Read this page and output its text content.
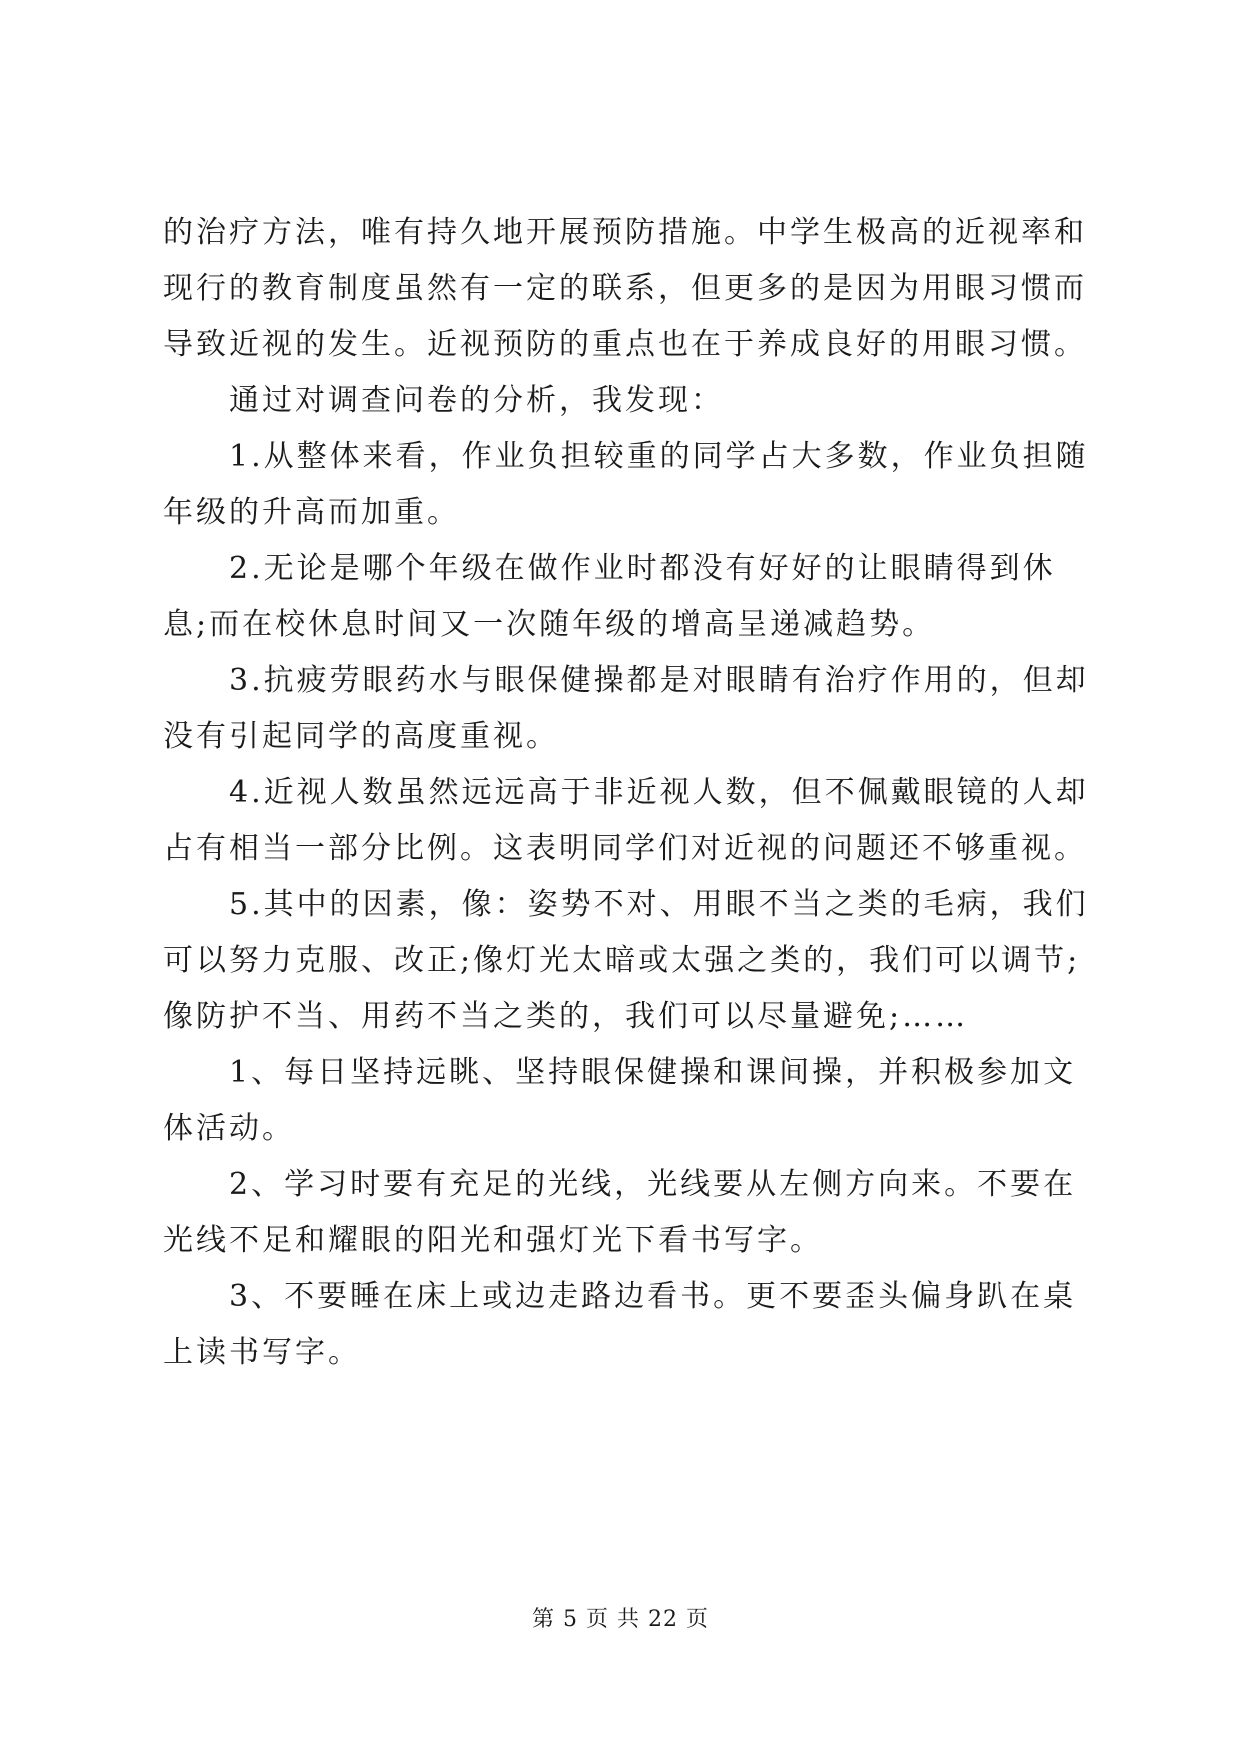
的治疗方法，唯有持久地开展预防措施。中学生极高的近视率和
现行的教育制度虽然有一定的联系，但更多的是因为用眼习惯而
导致近视的发生。近视预防的重点也在于养成良好的用眼习惯。
通过对调查问卷的分析，我发现：
1.从整体来看，作业负担较重的同学占大多数，作业负担随
年级的升高而加重。
2.无论是哪个年级在做作业时都没有好好的让眼睛得到休
息;而在校休息时间又一次随年级的增高呈递减趋势。
3.抗疲劳眼药水与眼保健操都是对眼睛有治疗作用的，但却
没有引起同学的高度重视。
4.近视人数虽然远远高于非近视人数，但不佩戴眼镜的人却
占有相当一部分比例。这表明同学们对近视的问题还不够重视。
5.其中的因素，像：姿势不对、用眼不当之类的毛病，我们
可以努力克服、改正;像灯光太暗或太强之类的，我们可以调节;
像防护不当、用药不当之类的，我们可以尽量避免;……
1、每日坚持远眺、坚持眼保健操和课间操，并积极参加文
体活动。
2、学习时要有充足的光线，光线要从左侧方向来。不要在
光线不足和耀眼的阳光和强灯光下看书写字。
3、不要睡在床上或边走路边看书。更不要歪头偏身趴在桌
上读书写字。
第 5 页 共 22 页
